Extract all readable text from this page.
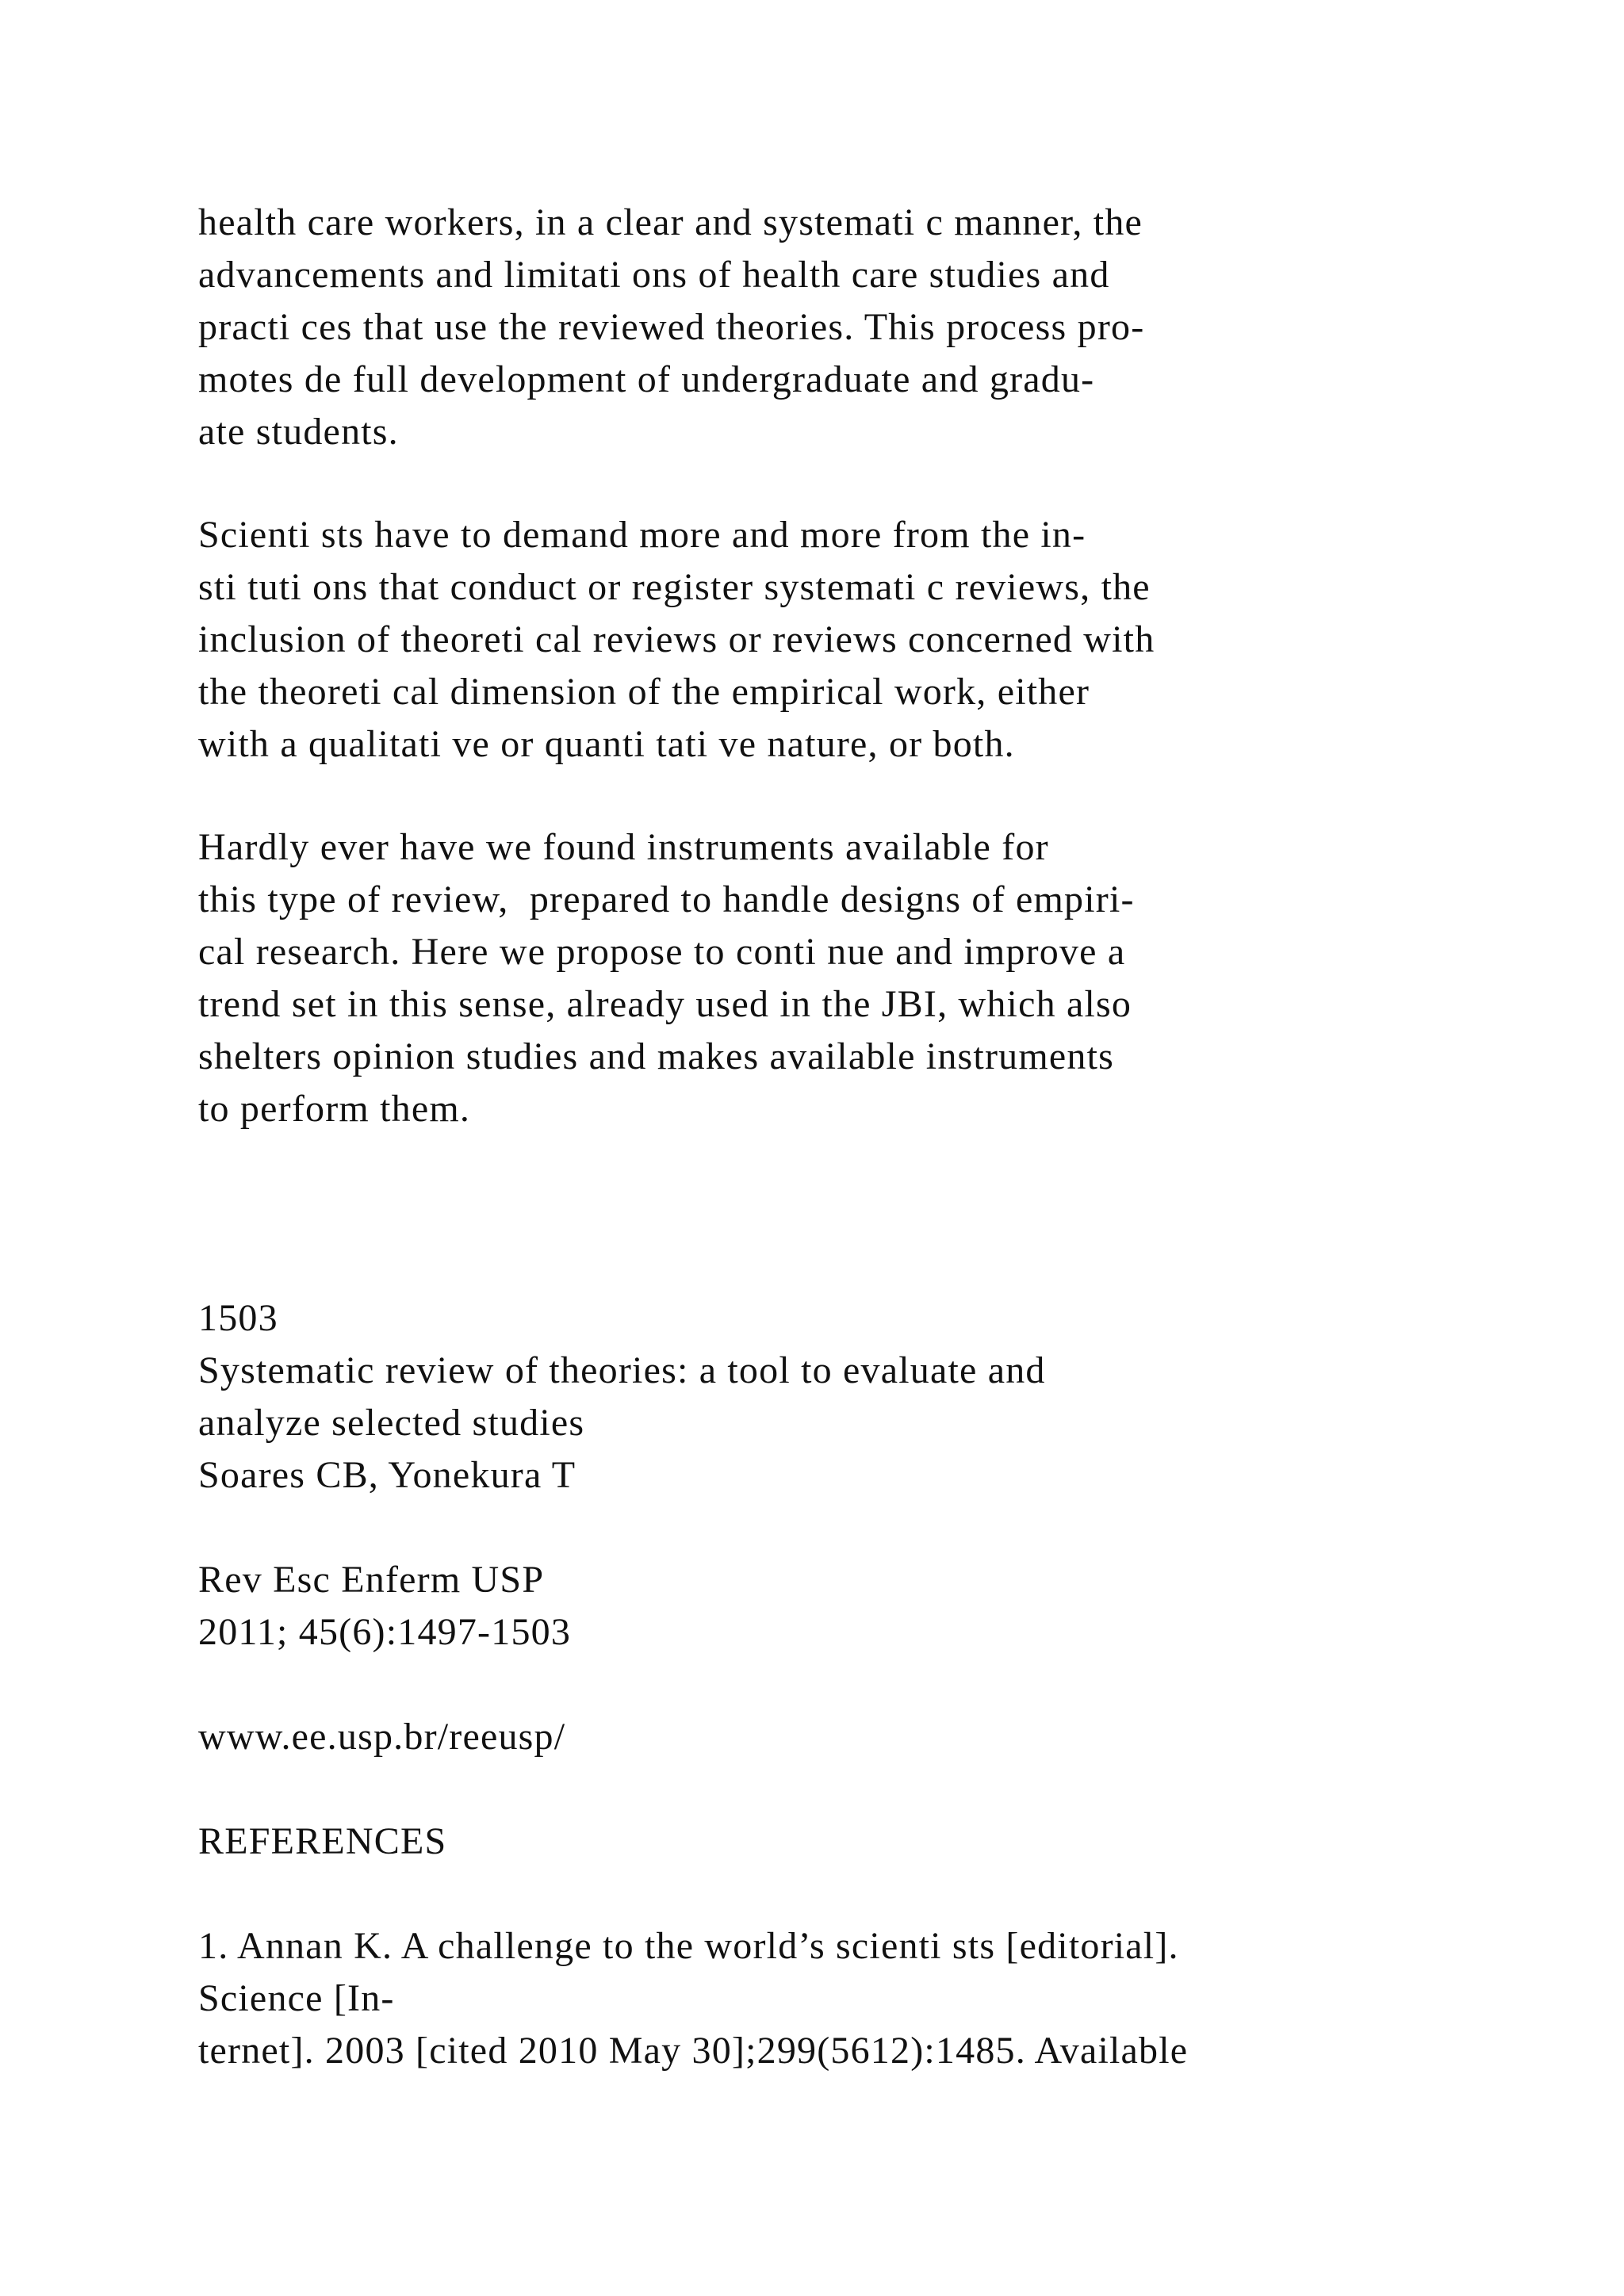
health care workers, in a clear and systemati c manner, the
advancements and limitati ons of health care studies and
practi ces that use the reviewed theories. This process pro-
motes de full development of undergraduate and gradu-
ate students.
Scienti sts have to demand more and more from the in-
sti tuti ons that conduct or register systemati c reviews, the
inclusion of theoreti cal reviews or reviews concerned with
the theoreti cal dimension of the empirical work, either
with a qualitati ve or quanti tati ve nature, or both.
Hardly ever have we found instruments available for
this type of review,  prepared to handle designs of empiri-
cal research. Here we propose to conti nue and improve a
trend set in this sense, already used in the JBI, which also
shelters opinion studies and makes available instruments
to perform them.
1503
Systematic review of theories: a tool to evaluate and
analyze selected studies
Soares CB, Yonekura T
Rev Esc Enferm USP
2011; 45(6):1497-1503
www.ee.usp.br/reeusp/
REFERENCES
1. Annan K. A challenge to the world’s scienti sts [editorial].
Science [In-
ternet]. 2003 [cited 2010 May 30];299(5612):1485. Available
